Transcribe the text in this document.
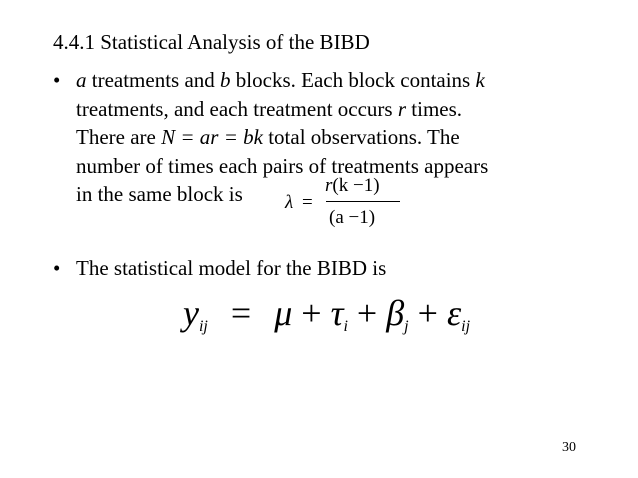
4.4.1 Statistical Analysis of the BIBD
• a treatments and b blocks. Each block contains k
treatments, and each treatment occurs r times.
There are N = ar = bk total observations. The
number of times each pairs of treatments appears
in the same block is	λ =
r(k −1)
(a −1)
• The statistical model for the BIBD is
$y_{ij} = \mu + \tau_i + \beta_j + \varepsilon_{ij}$
30
